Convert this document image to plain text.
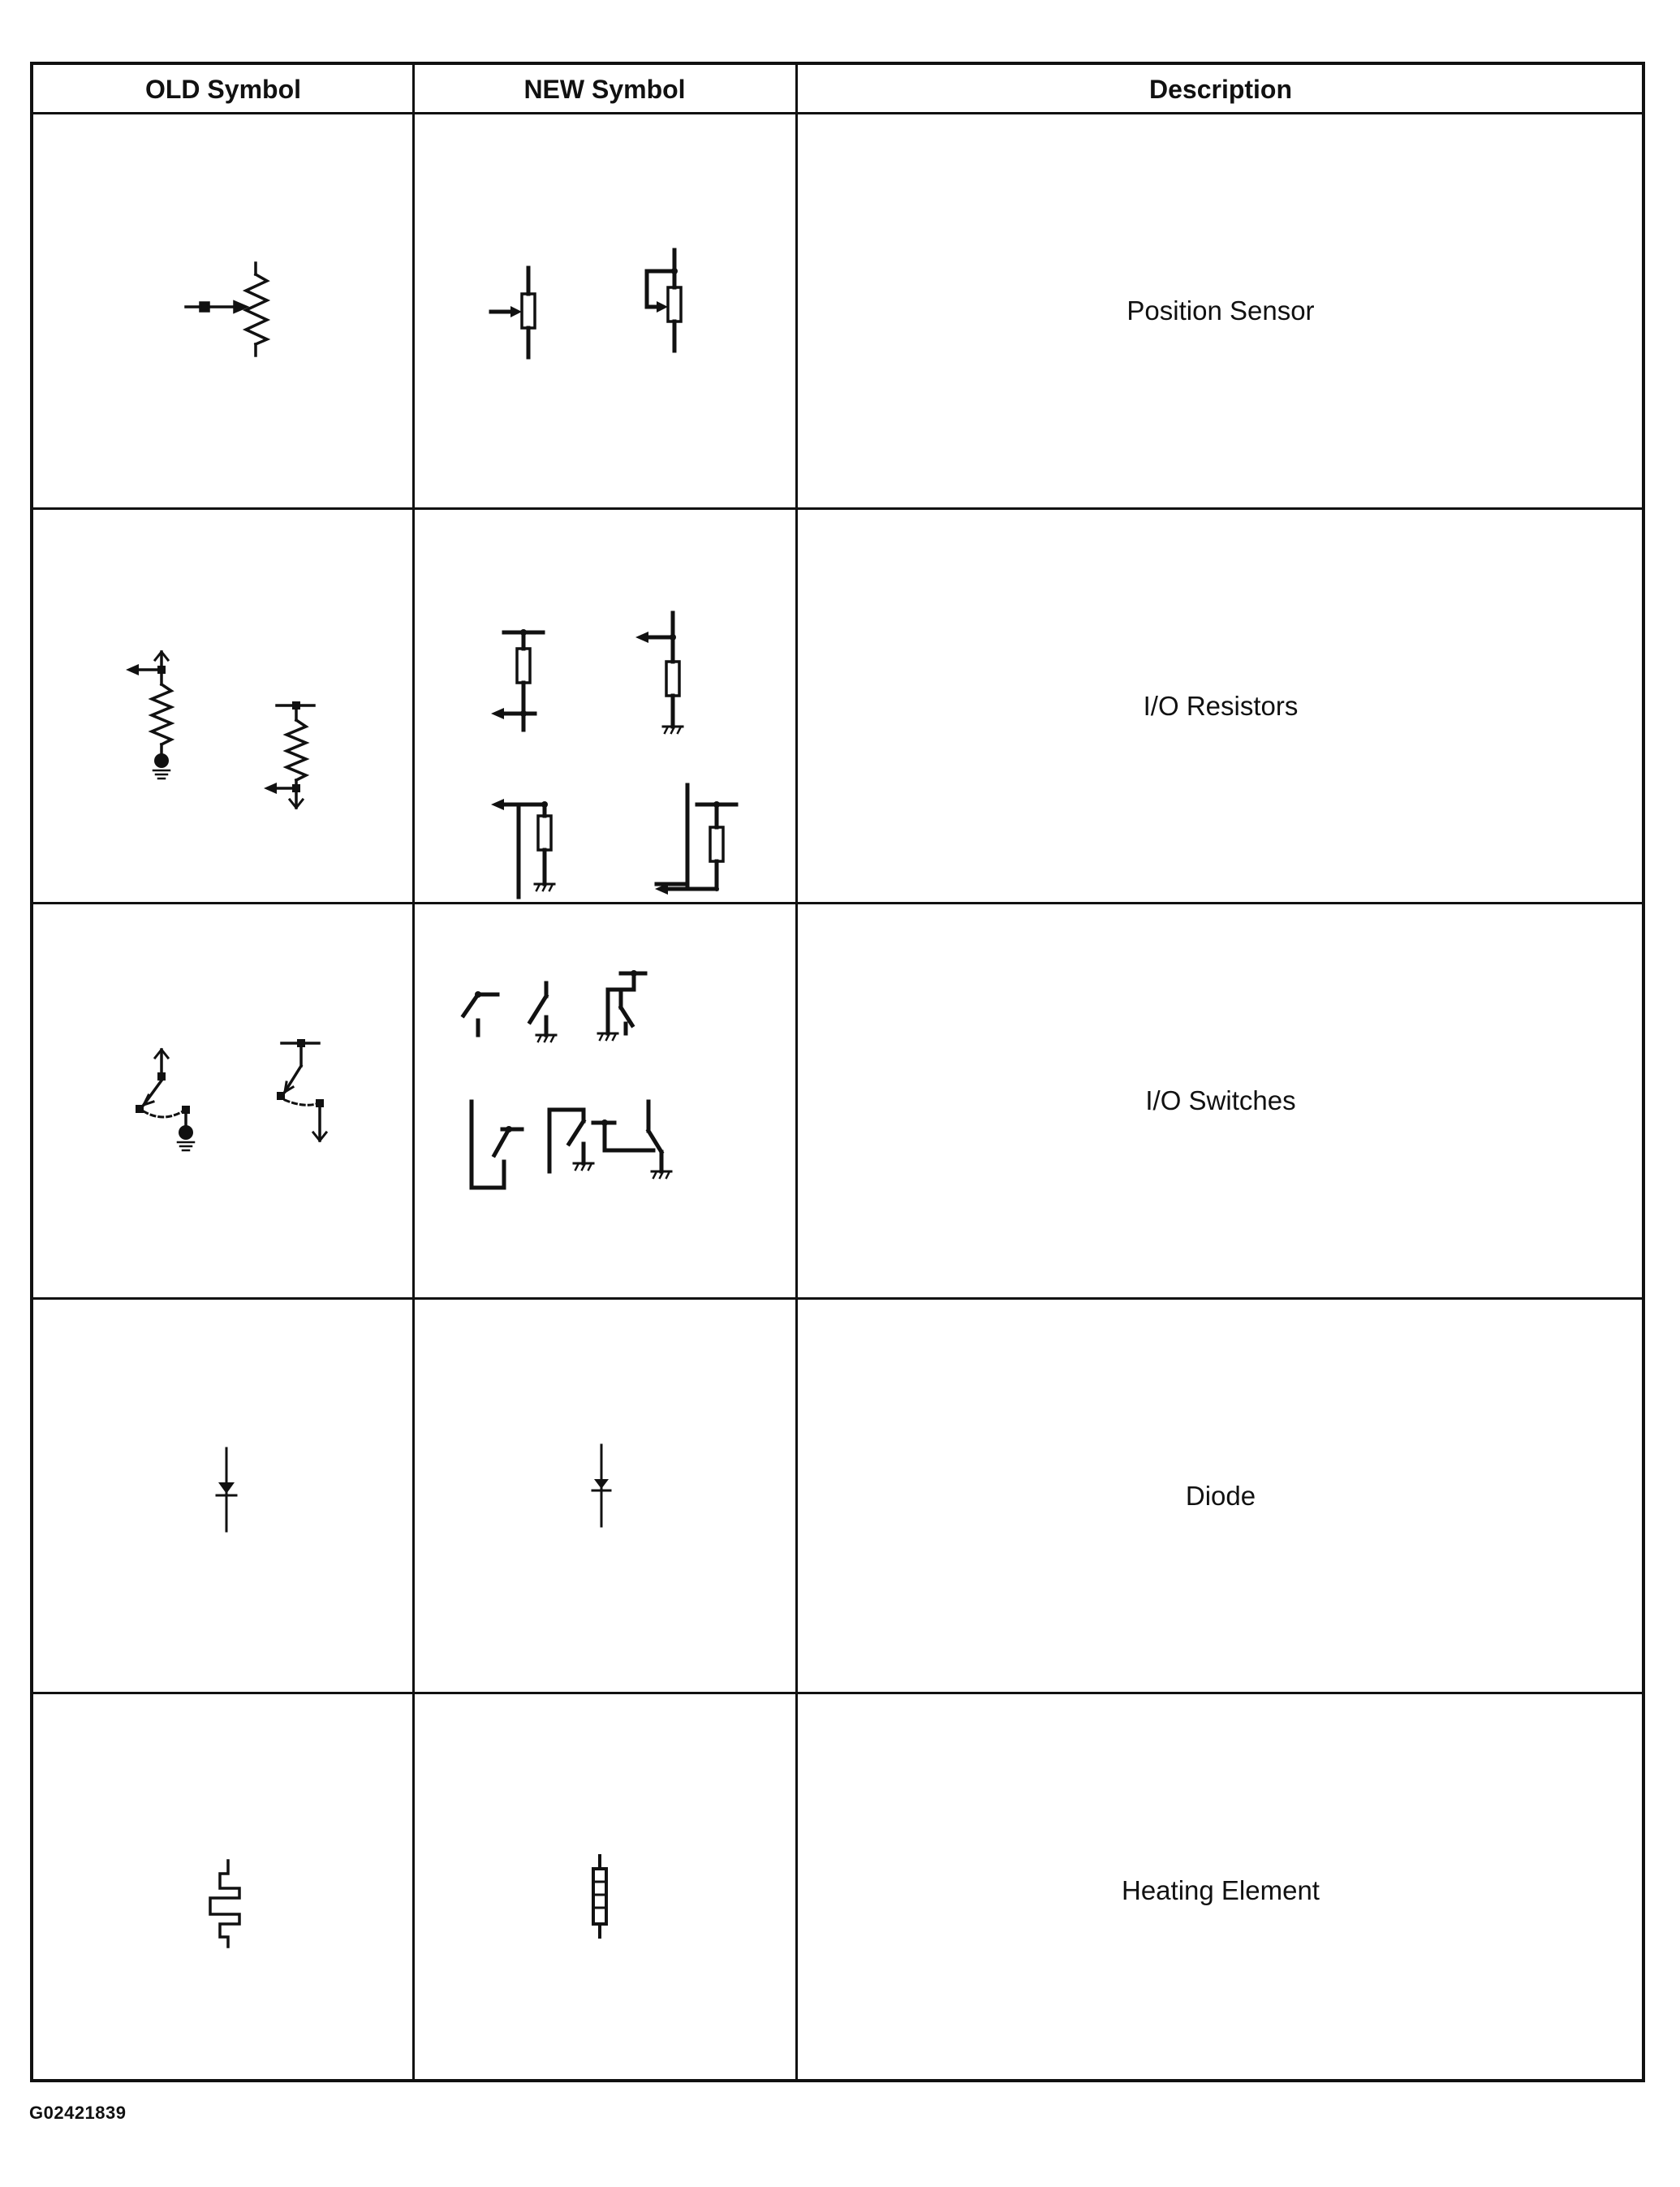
OLD Symbol	NEW Symbol	Description
Position Sensor
I/O Resistors
I/O Switches
Diode
Heating Element
G02421839
